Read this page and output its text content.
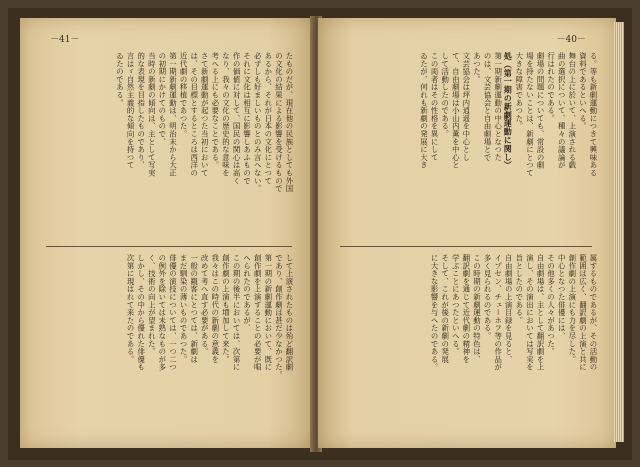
－41－
たものだが、現在他の民族としても外国
の文化の結果による影響を受けるもので
あるから、それが日本の文化にとつて
必ずしも好ましいものとのみ言へない。
それに文化は相互に影響しあふもので
作の価値に対して、国民の関心は高く
なり、我々の文化の歴史的な意味を
考へる上にも必要なことである。
さて新劇運動が起つた当初において
は、その目標とするところは西洋の
近代劇の移植であつた。
第一期新劇運動は、明治末から大正
の初期にかけてのもので、
当時の新劇の傾向は、主として写実
的な表現を目指したものであり、
言はゞ自然主義的な傾向を持つて
ゐたのである。
して上演されたものは殆ど翻訳劇
であり、創作劇は甚だ少なかつた。
第一期の新劇運動において、既に
創作劇を上演することの必要が唱
へられたのであるが、
この期の後半においては、次第に
創作劇の上演も増加して来た。
我々はこの時代の新劇の意義を
改めて考へ直す必要がある。
一般の観客にとつては、新劇は
まだ馴染の薄いものであつた。
俳優の演技については、一つ二つ
の例外を除いては未熟なものが多
く、技術の向上が望まれた。
しかし、その中から優れた俳優も
次第に現はれて来たのである。
－40－
る。等も新劇運動につきて興味ある
資料であるといへる。
舞台の上に於いて、上演される戯
曲の選択について、種々の議論が
行はれたのである。
劇場の問題についても、常設の劇
場を持たないことは、新劇にとつて
大きな障害であつた。
処（第一期の新劇運動に関し）
第一期新劇運動の中心となつた
のは、文芸協会と自由劇場とで
あつた。
文芸協会は坪内逍遥を中心とし
て、自由劇場は小山内薫を中心と
して活動したのである。
この両者はその性格を異にして
ゐたが、何れも新劇の発展に大き
属するものであるが、その活動の
範囲は広く、翻訳劇の上演と共に
創作劇の上演にも力を尽した。
中心となつた俳優には、
その他多くの人々があつた。
自由劇場は、主として翻訳劇を上
演し、その演出においては写実を
旨としたのである。
自由劇場の上演目録を見ると、
イプセン、チェーホフ等の作品が
多く見られるのである。
この時期の新劇運動の特色は、
翻訳劇を通じて近代劇の精神を
学ぶことにあつたといへる。
そして、これが後の新劇の発展
に大きな影響を与へたのである。
